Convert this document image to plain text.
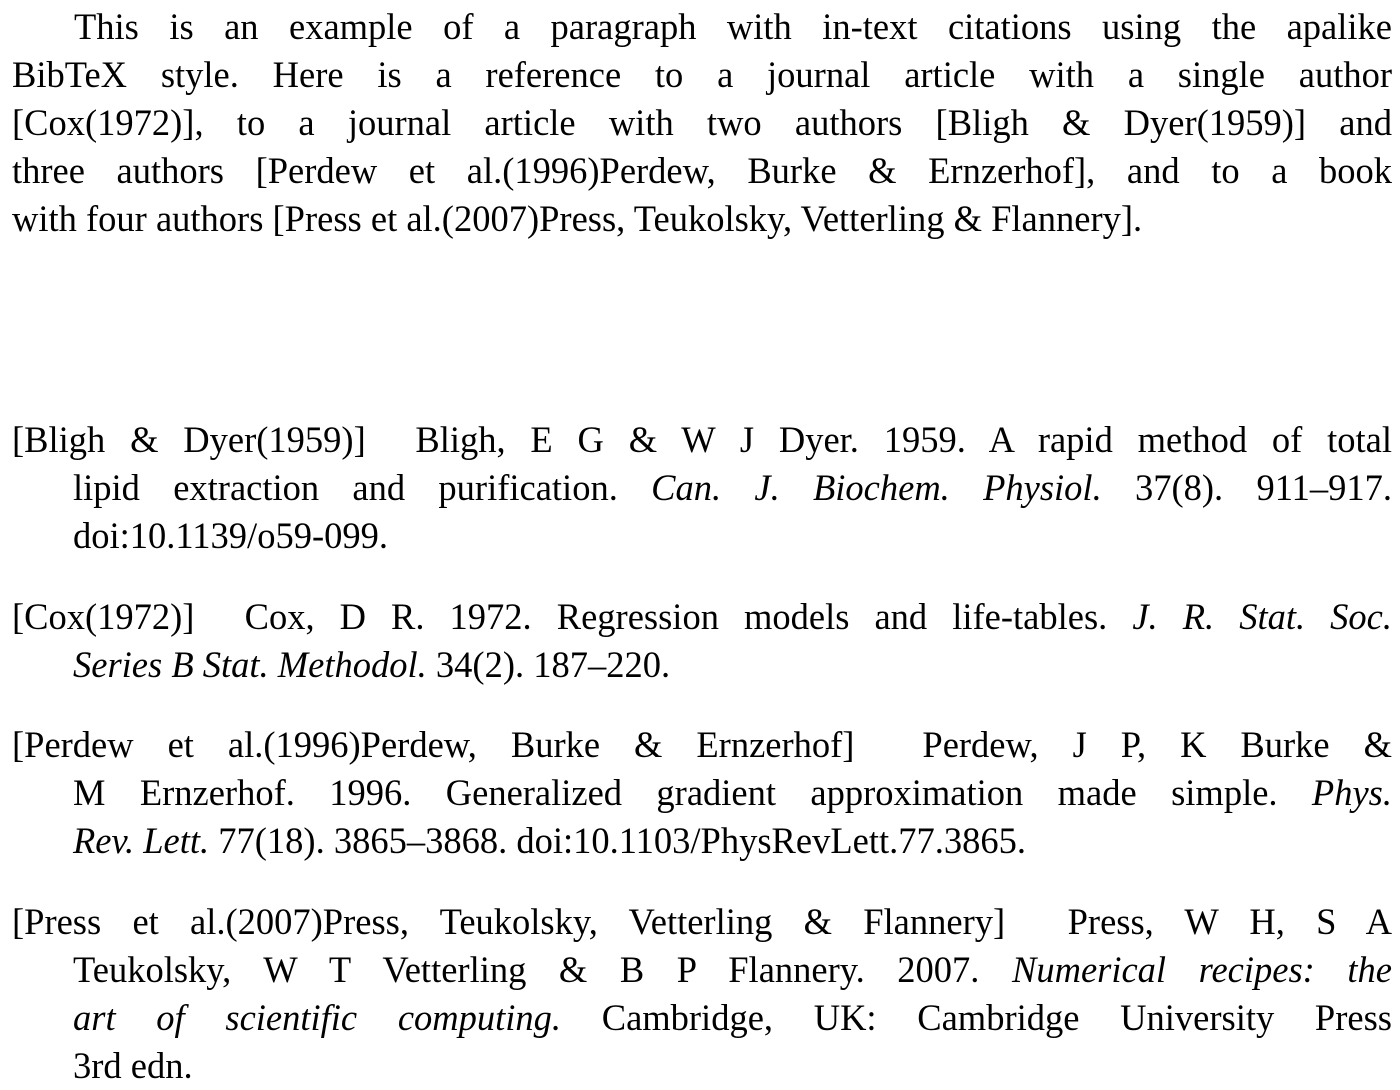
This is an example of a paragraph with in-text citations using the apalike
BibTeX style. Here is a reference to a journal article with a single author
[Cox(1972)], to a journal article with two authors [Bligh & Dyer(1959)] and
three authors [Perdew et al.(1996)Perdew, Burke & Ernzerhof], and to a book
with four authors [Press et al.(2007)Press, Teukolsky, Vetterling & Flannery].
[Bligh & Dyer(1959)] Bligh, E G & W J Dyer. 1959. A rapid method of total
lipid extraction and purification. Can. J. Biochem. Physiol. 37(8). 911–917.
doi:10.1139/o59-099.
[Cox(1972)] Cox, D R. 1972. Regression models and life-tables. J. R. Stat. Soc.
Series B Stat. Methodol. 34(2). 187–220.
[Perdew et al.(1996)Perdew, Burke & Ernzerhof] Perdew, J P, K Burke &
M Ernzerhof. 1996. Generalized gradient approximation made simple. Phys.
Rev. Lett. 77(18). 3865–3868. doi:10.1103/PhysRevLett.77.3865.
[Press et al.(2007)Press, Teukolsky, Vetterling & Flannery] Press, W H, S A
Teukolsky, W T Vetterling & B P Flannery. 2007. Numerical recipes: the
art of scientific computing. Cambridge, UK: Cambridge University Press
3rd edn.
